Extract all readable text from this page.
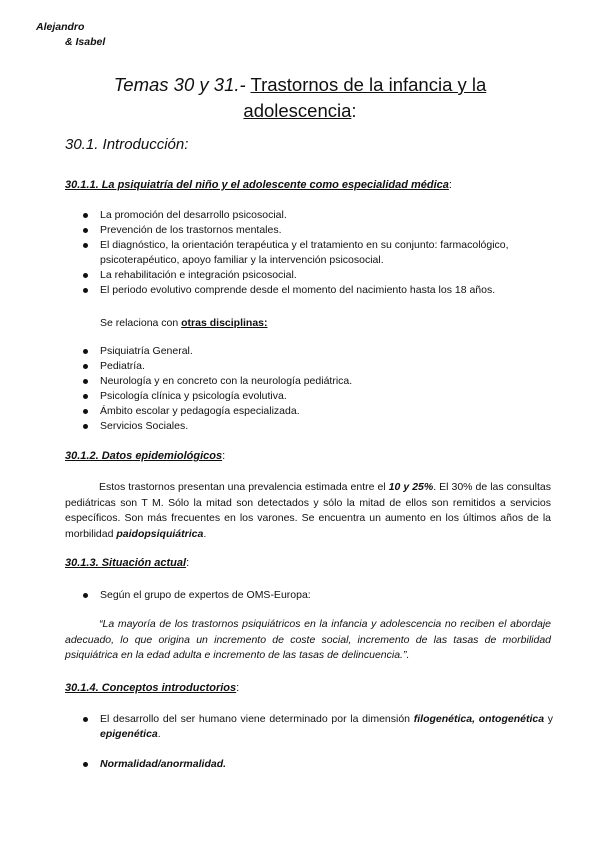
Alejandro
& Isabel
Temas 30 y 31.- Trastornos de la infancia y la adolescencia:
30.1. Introducción:
30.1.1. La psiquiatría del niño y el adolescente como especialidad médica:
La promoción del desarrollo psicosocial.
Prevención de los trastornos mentales.
El diagnóstico, la orientación terapéutica y el tratamiento en su conjunto: farmacológico, psicoterapéutico, apoyo familiar y la intervención psicosocial.
La rehabilitación e integración psicosocial.
El periodo evolutivo comprende desde el momento del nacimiento hasta los 18 años.
Se relaciona con otras disciplinas:
Psiquiatría General.
Pediatría.
Neurología y en concreto con la neurología pediátrica.
Psicología clínica y psicología evolutiva.
Ámbito escolar y pedagogía especializada.
Servicios Sociales.
30.1.2. Datos epidemiológicos:
Estos trastornos presentan una prevalencia estimada entre el 10 y 25%. El 30% de las consultas pediátricas son T M. Sólo la mitad son detectados y sólo la mitad de ellos son remitidos a servicios específicos. Son más frecuentes en los varones. Se encuentra un aumento en los últimos años de la morbilidad paidopsiquiátrica.
30.1.3. Situación actual:
Según el grupo de expertos de OMS-Europa:
“La mayoría de los trastornos psiquiátricos en la infancia y adolescencia no reciben el abordaje adecuado, lo que origina un incremento de coste social, incremento de las tasas de morbilidad psiquiátrica en la edad adulta e incremento de las tasas de delincuencia.”.
30.1.4. Conceptos introductorios:
El desarrollo del ser humano viene determinado por la dimensión filogenética, ontogenética y epigenética.
Normalidad/anormalidad.
